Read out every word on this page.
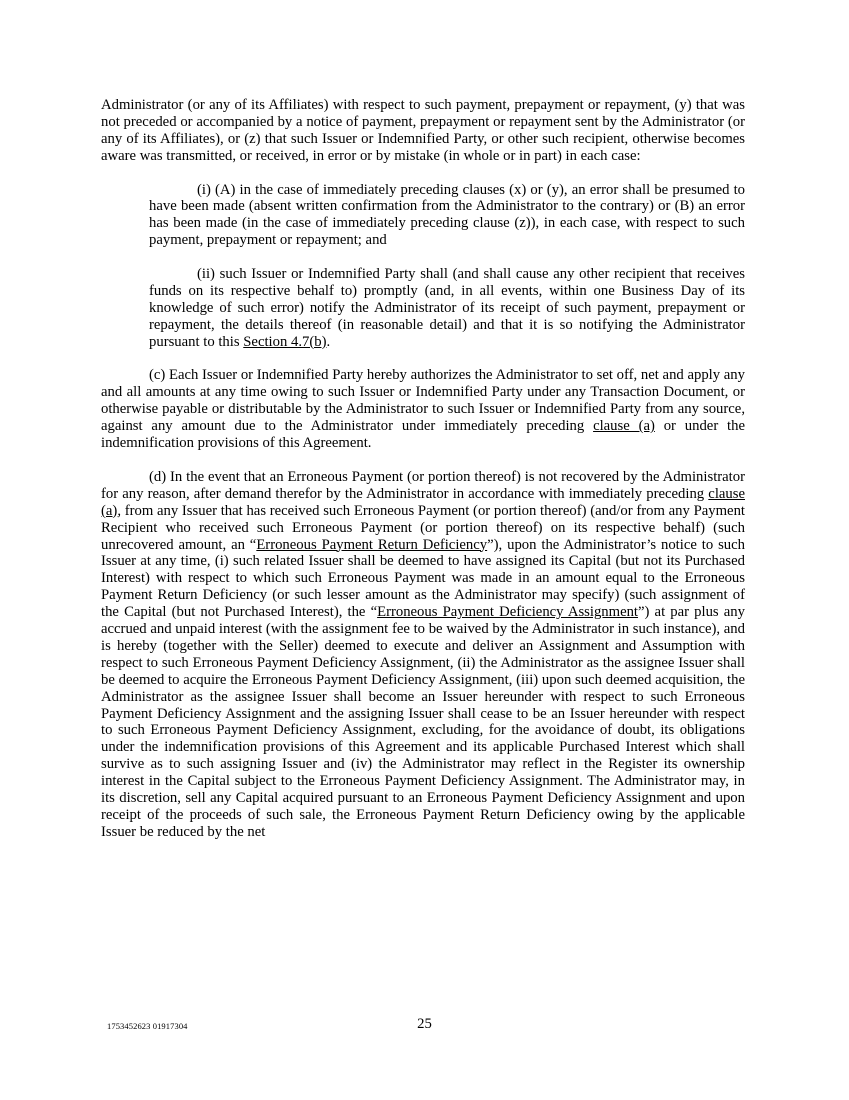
Administrator (or any of its Affiliates) with respect to such payment, prepayment or repayment, (y) that was not preceded or accompanied by a notice of payment, prepayment or repayment sent by the Administrator (or any of its Affiliates), or (z) that such Issuer or Indemnified Party, or other such recipient, otherwise becomes aware was transmitted, or received, in error or by mistake (in whole or in part) in each case:

(i) (A) in the case of immediately preceding clauses (x) or (y), an error shall be presumed to have been made (absent written confirmation from the Administrator to the contrary) or (B) an error has been made (in the case of immediately preceding clause (z)), in each case, with respect to such payment, prepayment or repayment; and

(ii) such Issuer or Indemnified Party shall (and shall cause any other recipient that receives funds on its respective behalf to) promptly (and, in all events, within one Business Day of its knowledge of such error) notify the Administrator of its receipt of such payment, prepayment or repayment, the details thereof (in reasonable detail) and that it is so notifying the Administrator pursuant to this Section 4.7(b).

(c) Each Issuer or Indemnified Party hereby authorizes the Administrator to set off, net and apply any and all amounts at any time owing to such Issuer or Indemnified Party under any Transaction Document, or otherwise payable or distributable by the Administrator to such Issuer or Indemnified Party from any source, against any amount due to the Administrator under immediately preceding clause (a) or under the indemnification provisions of this Agreement.

(d) In the event that an Erroneous Payment (or portion thereof) is not recovered by the Administrator for any reason, after demand therefor by the Administrator in accordance with immediately preceding clause (a), from any Issuer that has received such Erroneous Payment (or portion thereof) (and/or from any Payment Recipient who received such Erroneous Payment (or portion thereof) on its respective behalf) (such unrecovered amount, an “Erroneous Payment Return Deficiency”), upon the Administrator’s notice to such Issuer at any time, (i) such related Issuer shall be deemed to have assigned its Capital (but not its Purchased Interest) with respect to which such Erroneous Payment was made in an amount equal to the Erroneous Payment Return Deficiency (or such lesser amount as the Administrator may specify) (such assignment of the Capital (but not Purchased Interest), the “Erroneous Payment Deficiency Assignment”) at par plus any accrued and unpaid interest (with the assignment fee to be waived by the Administrator in such instance), and is hereby (together with the Seller) deemed to execute and deliver an Assignment and Assumption with respect to such Erroneous Payment Deficiency Assignment, (ii) the Administrator as the assignee Issuer shall be deemed to acquire the Erroneous Payment Deficiency Assignment, (iii) upon such deemed acquisition, the Administrator as the assignee Issuer shall become an Issuer hereunder with respect to such Erroneous Payment Deficiency Assignment and the assigning Issuer shall cease to be an Issuer hereunder with respect to such Erroneous Payment Deficiency Assignment, excluding, for the avoidance of doubt, its obligations under the indemnification provisions of this Agreement and its applicable Purchased Interest which shall survive as to such assigning Issuer and (iv) the Administrator may reflect in the Register its ownership interest in the Capital subject to the Erroneous Payment Deficiency Assignment. The Administrator may, in its discretion, sell any Capital acquired pursuant to an Erroneous Payment Deficiency Assignment and upon receipt of the proceeds of such sale, the Erroneous Payment Return Deficiency owing by the applicable Issuer be reduced by the net

1753452623 01917304	25
